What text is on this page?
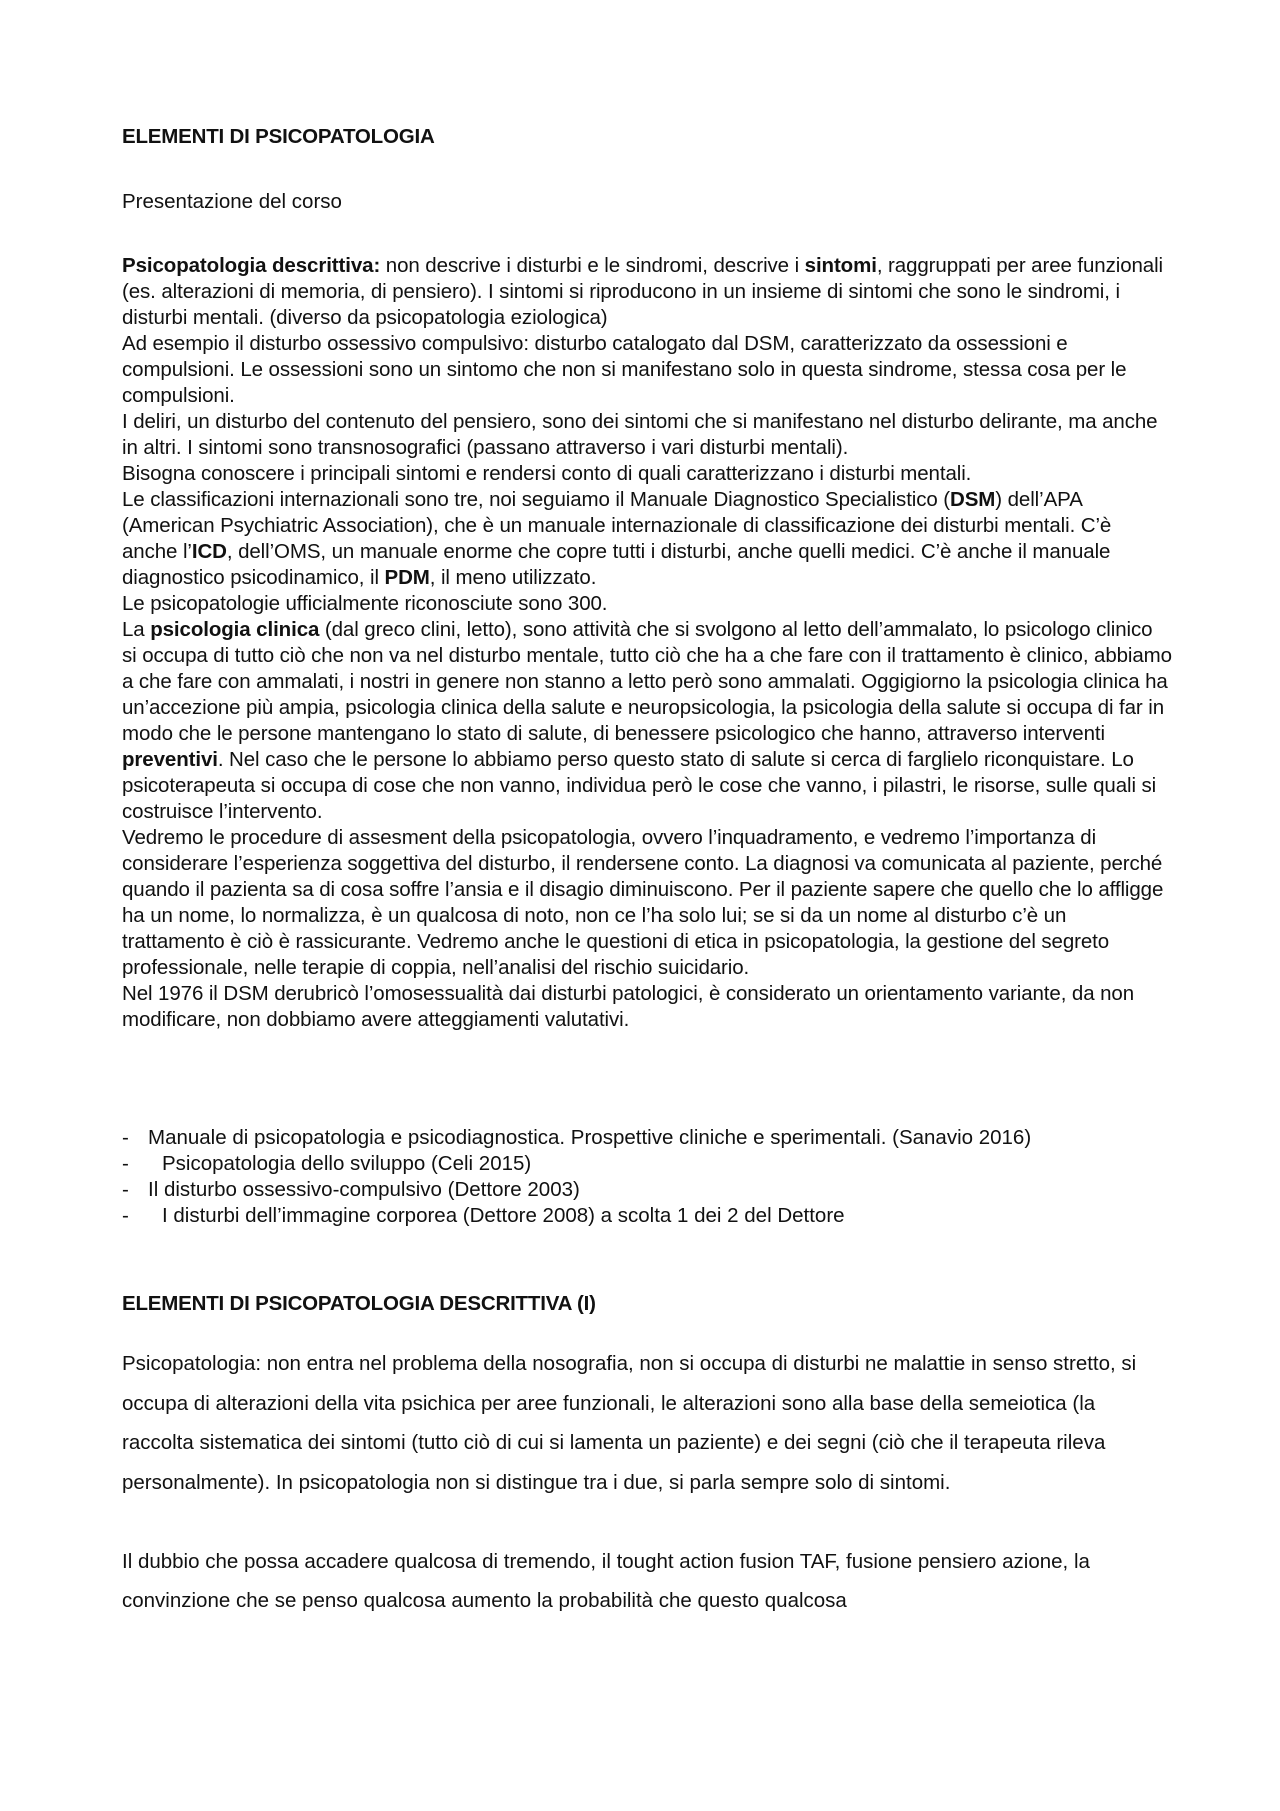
ELEMENTI DI PSICOPATOLOGIA
Presentazione del corso

Psicopatologia descrittiva: non descrive i disturbi e le sindromi, descrive i sintomi, raggruppati per aree funzionali (es. alterazioni di memoria, di pensiero). I sintomi si riproducono in un insieme di sintomi che sono le sindromi, i disturbi mentali. (diverso da psicopatologia eziologica)

Ad esempio il disturbo ossessivo compulsivo: disturbo catalogato dal DSM, caratterizzato da ossessioni e compulsioni. Le ossessioni sono un sintomo che non si manifestano solo in questa sindrome, stessa cosa per le compulsioni.

I deliri, un disturbo del contenuto del pensiero, sono dei sintomi che si manifestano nel disturbo delirante, ma anche in altri. I sintomi sono transnosografici (passano attraverso i vari disturbi mentali).

Bisogna conoscere i principali sintomi e rendersi conto di quali caratterizzano i disturbi mentali.

Le classificazioni internazionali sono tre, noi seguiamo il Manuale Diagnostico Specialistico (DSM) dell’APA (American Psychiatric Association), che è un manuale internazionale di classificazione dei disturbi mentali. C’è anche l’ICD, dell’OMS, un manuale enorme che copre tutti i disturbi, anche quelli medici. C’è anche il manuale diagnostico psicodinamico, il PDM, il meno utilizzato.

Le psicopatologie ufficialmente riconosciute sono 300.

La psicologia clinica (dal greco clini, letto), sono attività che si svolgono al letto dell’ammalato, lo psicologo clinico si occupa di tutto ciò che non va nel disturbo mentale, tutto ciò che ha a che fare con il trattamento è clinico, abbiamo a che fare con ammalati, i nostri in genere non stanno a letto però sono ammalati. Oggigiorno la psicologia clinica ha un’accezione più ampia, psicologia clinica della salute e neuropsicologia, la psicologia della salute si occupa di far in modo che le persone mantengano lo stato di salute, di benessere psicologico che hanno, attraverso interventi preventivi. Nel caso che le persone lo abbiamo perso questo stato di salute si cerca di farglielo riconquistare. Lo psicoterapeuta si occupa di cose che non vanno, individua però le cose che vanno, i pilastri, le risorse, sulle quali si costruisce l’intervento.

Vedremo le procedure di assesment della psicopatologia, ovvero l’inquadramento, e vedremo l’importanza di considerare l’esperienza soggettiva del disturbo, il rendersene conto. La diagnosi va comunicata al paziente, perché quando il pazienta sa di cosa soffre l’ansia e il disagio diminuiscono. Per il paziente sapere che quello che lo affligge ha un nome, lo normalizza, è un qualcosa di noto, non ce l’ha solo lui; se si da un nome al disturbo c’è un trattamento è ciò è rassicurante. Vedremo anche le questioni di etica in psicopatologia, la gestione del segreto professionale, nelle terapie di coppia, nell’analisi del rischio suicidario.

Nel 1976 il DSM derubricò l’omosessualità dai disturbi patologici, è considerato un orientamento variante, da non modificare, non dobbiamo avere atteggiamenti valutativi.

- Manuale di psicopatologia e psicodiagnostica. Prospettive cliniche e sperimentali. (Sanavio 2016)
- Psicopatologia dello sviluppo (Celi 2015)
- Il disturbo ossessivo-compulsivo (Dettore 2003)
- I disturbi dell’immagine corporea (Dettore 2008) a scolta 1 dei 2 del Dettore
ELEMENTI DI PSICOPATOLOGIA DESCRITTIVA (I)

Psicopatologia: non entra nel problema della nosografia, non si occupa di disturbi ne malattie in senso stretto, si occupa di alterazioni della vita psichica per aree funzionali, le alterazioni sono alla base della semeiotica (la raccolta sistematica dei sintomi (tutto ciò di cui si lamenta un paziente) e dei segni (ciò che il terapeuta rileva personalmente). In psicopatologia non si distingue tra i due, si parla sempre solo di sintomi.

Il dubbio che possa accadere qualcosa di tremendo, il tought action fusion TAF, fusione pensiero azione, la convinzione che se penso qualcosa aumento la probabilità che questo qualcosa
